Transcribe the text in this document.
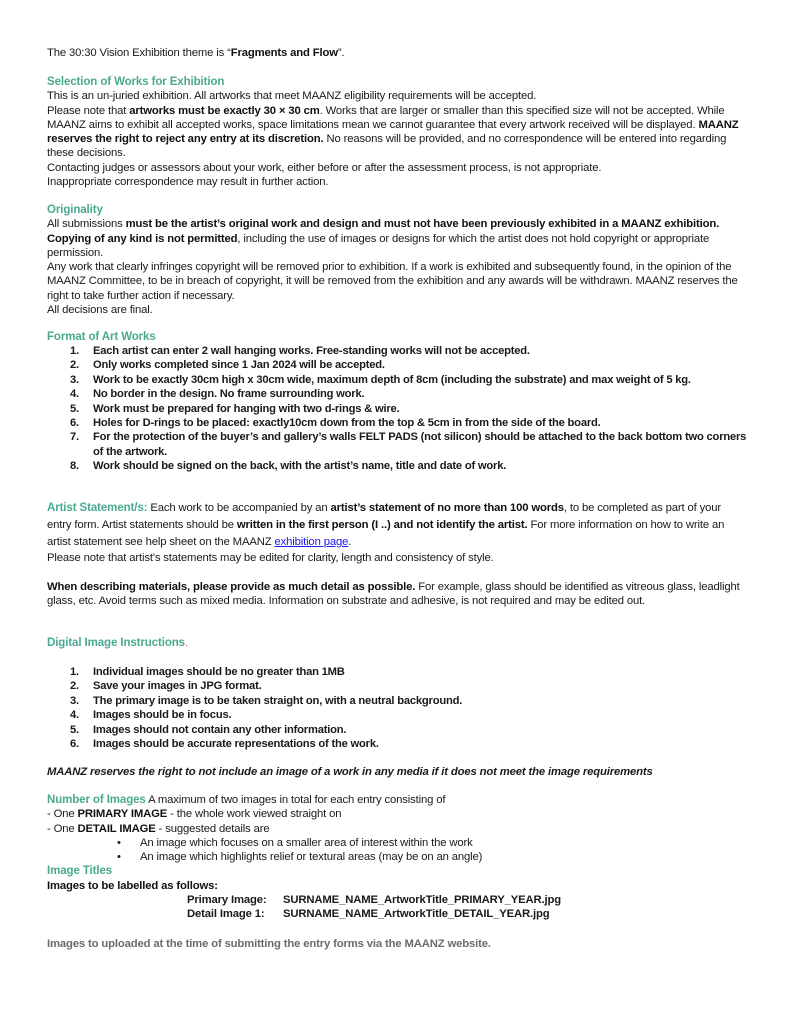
The 30:30 Vision Exhibition theme is “Fragments and Flow”.
Selection of Works for Exhibition
This is an un-juried exhibition. All artworks that meet MAANZ eligibility requirements will be accepted.
Please note that artworks must be exactly 30 × 30 cm. Works that are larger or smaller than this specified size will not be accepted. While MAANZ aims to exhibit all accepted works, space limitations mean we cannot guarantee that every artwork received will be displayed. MAANZ reserves the right to reject any entry at its discretion. No reasons will be provided, and no correspondence will be entered into regarding these decisions.
Contacting judges or assessors about your work, either before or after the assessment process, is not appropriate.
Inappropriate correspondence may result in further action.
Originality
All submissions must be the artist’s original work and design and must not have been previously exhibited in a MAANZ exhibition. Copying of any kind is not permitted, including the use of images or designs for which the artist does not hold copyright or appropriate permission.
Any work that clearly infringes copyright will be removed prior to exhibition. If a work is exhibited and subsequently found, in the opinion of the MAANZ Committee, to be in breach of copyright, it will be removed from the exhibition and any awards will be withdrawn. MAANZ reserves the right to take further action if necessary.
All decisions are final.
Format of Art Works
1. Each artist can enter 2 wall hanging works. Free-standing works will not be accepted.
2. Only works completed since 1 Jan 2024 will be accepted.
3. Work to be exactly 30cm high x 30cm wide, maximum depth of 8cm (including the substrate) and max weight of 5 kg.
4. No border in the design. No frame surrounding work.
5. Work must be prepared for hanging with two d-rings & wire.
6. Holes for D-rings to be placed: exactly10cm down from the top & 5cm in from the side of the board.
7. For the protection of the buyer’s and gallery’s walls FELT PADS (not silicon) should be attached to the back bottom two corners of the artwork.
8. Work should be signed on the back, with the artist’s name, title and date of work.
Artist Statement/s: Each work to be accompanied by an artist’s statement of no more than 100 words, to be completed as part of your entry form. Artist statements should be written in the first person (I ..) and not identify the artist. For more information on how to write an artist statement see help sheet on the MAANZ exhibition page.
Please note that artist's statements may be edited for clarity, length and consistency of style.
When describing materials, please provide as much detail as possible. For example, glass should be identified as vitreous glass, leadlight glass, etc. Avoid terms such as mixed media. Information on substrate and adhesive, is not required and may be edited out.
Digital Image Instructions.
1. Individual images should be no greater than 1MB
2. Save your images in JPG format.
3. The primary image is to be taken straight on, with a neutral background.
4. Images should be in focus.
5. Images should not contain any other information.
6. Images should be accurate representations of the work.
MAANZ reserves the right to not include an image of a work in any media if it does not meet the image requirements
Number of Images A maximum of two images in total for each entry consisting of
- One PRIMARY IMAGE - the whole work viewed straight on
- One DETAIL IMAGE - suggested details are
• An image which focuses on a smaller area of interest within the work
• An image which highlights relief or textural areas (may be on an angle)
Image Titles
Images to be labelled as follows:
Primary Image: SURNAME_NAME_ArtworkTitle_PRIMARY_YEAR.jpg
Detail Image 1: SURNAME_NAME_ArtworkTitle_DETAIL_YEAR.jpg
Images to uploaded at the time of submitting the entry forms via the MAANZ website.
